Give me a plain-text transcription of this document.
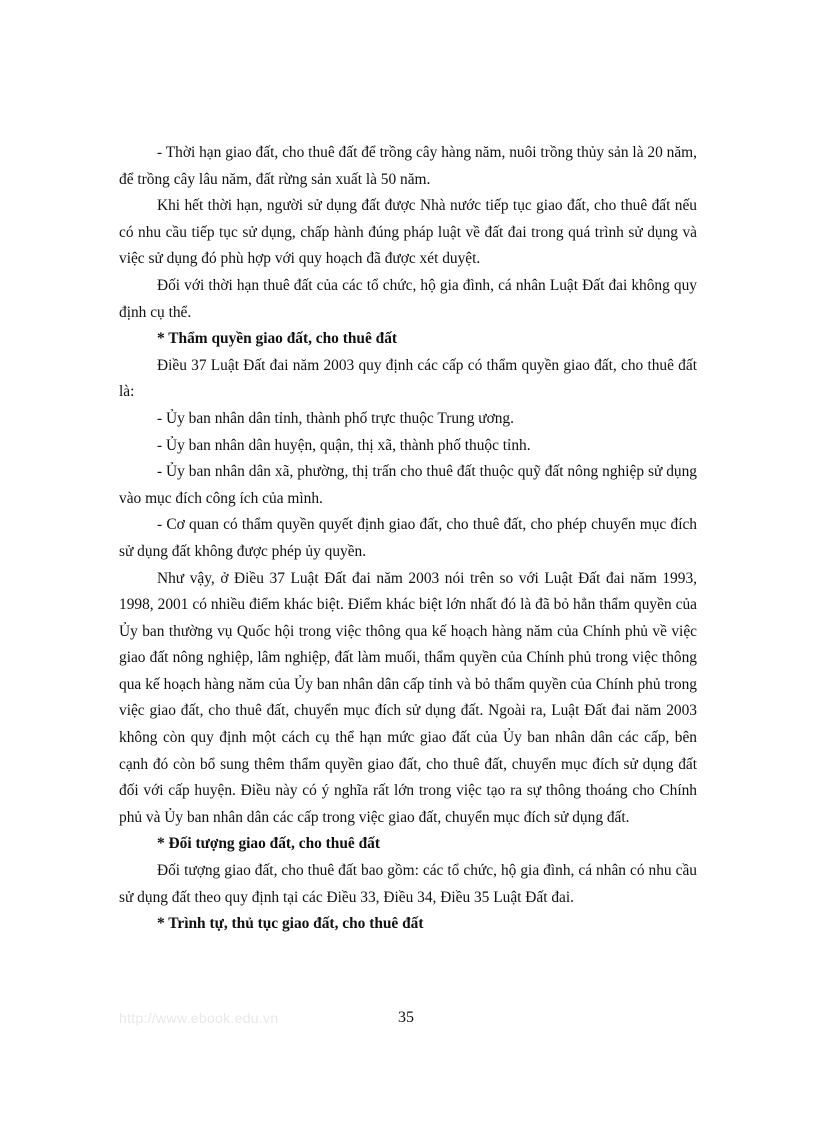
- Thời hạn giao đất, cho thuê đất để trồng cây hàng năm, nuôi trồng thủy sản là 20 năm, để trồng cây lâu năm, đất rừng sản xuất là 50 năm.

Khi hết thời hạn, người sử dụng đất được Nhà nước tiếp tục giao đất, cho thuê đất nếu có nhu cầu tiếp tục sử dụng, chấp hành đúng pháp luật về đất đai trong quá trình sử dụng và việc sử dụng đó phù hợp với quy hoạch đã được xét duyệt.

Đối với thời hạn thuê đất của các tổ chức, hộ gia đình, cá nhân Luật Đất đai không quy định cụ thể.

* Thẩm quyền giao đất, cho thuê đất

Điều 37 Luật Đất đai năm 2003 quy định các cấp có thẩm quyền giao đất, cho thuê đất là:

- Ủy ban nhân dân tỉnh, thành phố trực thuộc Trung ương.

- Ủy ban nhân dân huyện, quận, thị xã, thành phố thuộc tỉnh.

- Ủy ban nhân dân xã, phường, thị trấn cho thuê đất thuộc quỹ đất nông nghiệp sử dụng vào mục đích công ích của mình.

- Cơ quan có thẩm quyền quyết định giao đất, cho thuê đất, cho phép chuyển mục đích sử dụng đất không được phép ủy quyền.

Như vậy, ở Điều 37 Luật Đất đai năm 2003 nói trên so với Luật Đất đai năm 1993, 1998, 2001 có nhiều điểm khác biệt. Điểm khác biệt lớn nhất đó là đã bỏ hẳn thẩm quyền của Ủy ban thường vụ Quốc hội trong việc thông qua kế hoạch hàng năm của Chính phủ về việc giao đất nông nghiệp, lâm nghiệp, đất làm muối, thẩm quyền của Chính phủ trong việc thông qua kế hoạch hàng năm của Ủy ban nhân dân cấp tỉnh và bỏ thẩm quyền của Chính phủ trong việc giao đất, cho thuê đất, chuyển mục đích sử dụng đất. Ngoài ra, Luật Đất đai năm 2003 không còn quy định một cách cụ thể hạn mức giao đất của Ủy ban nhân dân các cấp, bên cạnh đó còn bổ sung thêm thẩm quyền giao đất, cho thuê đất, chuyển mục đích sử dụng đất đối với cấp huyện. Điều này có ý nghĩa rất lớn trong việc tạo ra sự thông thoáng cho Chính phủ và Ủy ban nhân dân các cấp trong việc giao đất, chuyển mục đích sử dụng đất.

* Đối tượng giao đất, cho thuê đất

Đối tượng giao đất, cho thuê đất bao gồm: các tổ chức, hộ gia đình, cá nhân có nhu cầu sử dụng đất theo quy định tại các Điều 33, Điều 34, Điều 35 Luật Đất đai.

* Trình tự, thủ tục giao đất, cho thuê đất

http://www.ebook.edu.vn	35
